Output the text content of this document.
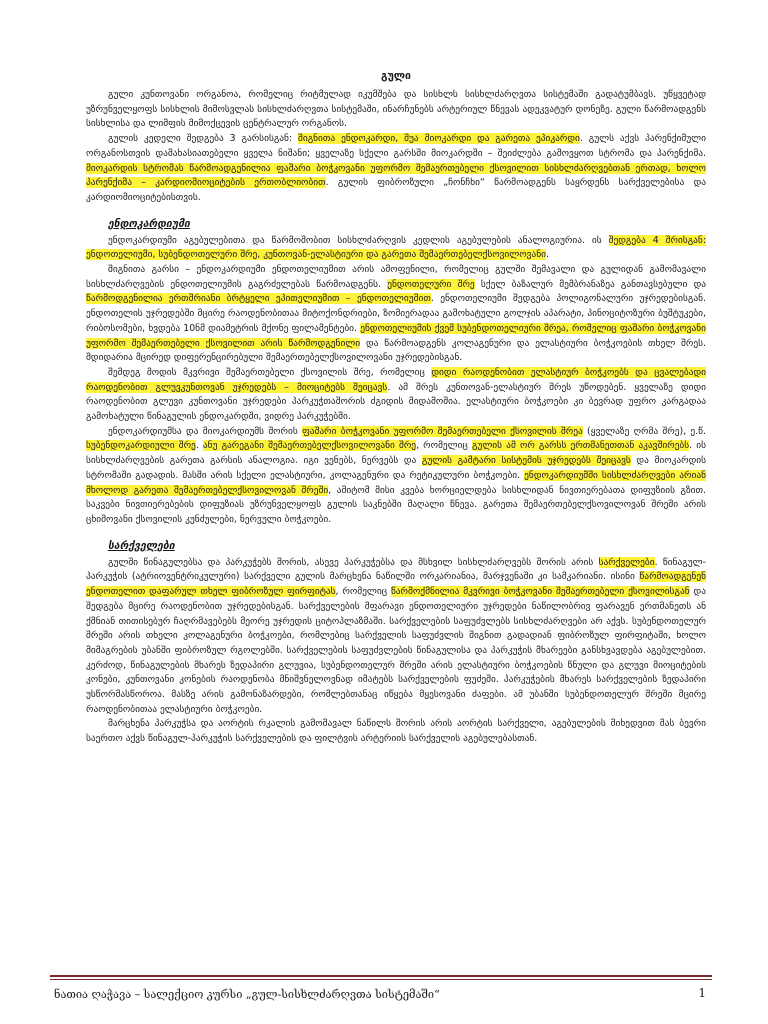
გული

გული კუნთოვანი ორგანოა, რომელიც რიტმულად იკუმშება და სისხლს სისხლძარღვთა სისტემაში გადატუმბავს. უწყვეტად უზრუნველყოფს სისხლის მიმოსვლას სისხლძარღვთა სისტემაში, ინარჩუნებს არტერიულ წნევას ადეკვატურ დონეზე. გული წარმოადგენს სისხლისა და ლიმფის მიმოქცევის ცენტრალურ ორგანოს.

გულის კედელი შედგება 3 გარსისგან: შიგნითა ენდოკარდი, შუა მიოკარდი და გარეთა ეპიკარდი. გულს აქვს პარენქიმული ორგანოსთვის დამახასიათებელი ყველა ნიშანი; ყველაზე სქელი გარსში მიოკარდში – შეიძლება გამოვყოთ სტრომა და პარენქიმა. მიოკარდის სტრომას წარმოადგენილია ფაშარი ბოჭკოვანი უფორმო შემაერთებელი ქსოვილით სისხლძარღვებთან ერთად, ხოლო პარენქიმა – კარდიომიოციტების ერთობლიობით. გულის ფიბროზული „ჩონჩხი“ წარმოადგენს საყრდენს სარქველებისა და კარდიომიოციტებისთვის.

ენდოკარდიუმი

ენდოკარდიუმი აგებულებითა და წარმოშობით სისხლძარღვის კედლის აგებულების ანალოგიურია. ის შედგება 4 შრისგან: ენდოთელიუმი, სუბენდოთელური შრე, კუნთოვან-ელასტიური და გარეთა შემაერთებელქსოვილოვანი.

შიგნითა გარსი – ენდოკარდიუმი ენდოთელიუმით არის ამოფენილი, რომელიც გულში შემავალი და გულიდან გამომავალი სისხლძარღვების ენდოთელიუმის გაგრძელებას წარმოადგენს. ენდოთელური შრე სქელ ბაზალურ მემბრანაზეა განთავსებული და წარმოდგენილია ერთშრიანი ბრტყელი ეპითელიუმით – ენდოთელიუმით. ენდოთელიუმი შედგება პოლიგონალური უჯრედებისგან. ენდოთელის უჯრედებში მცირე რაოდენობითაა მიტოქონდრიები, ზომიერადაა გამოხატული გოლჯის აპარატი, პინოციტოზური ბუშტუკები, რიბოსომები, ხვდება 10ნმ დიამეტრის მქონე ფილამენტები. ენდოთელიუმის ქვეშ სუბენდოთელიური შრეა, რომელიც ფაშარი ბოჭკოვანი უფორმო შემაერთებელი ქსოვილით არის წარმოდგენილი და წარმოადგენს კოლაგენური და ელასტიური ბოჭკოების თხელ შრეს. მდიდარია მცირედ დიფერენცირებული შემაერთებელქსოვილოვანი უჯრედებისგან.

შემდეგ მოდის მკვრივი შემაერთებელი ქსოვილის შრე, რომელიც დიდი რაოდენობით ელასტიურ ბოჭკოებს და ცვალებადი რაოდენობით გლუვკუნთოვან უჯრედებს – მიოციტებს შეიცავს. ამ შრეს კუნთოვან-ელასტიურ შრეს უწოდებენ. ყველაზე დიდი რაოდენობით გლუვი კუნთოვანი უჯრედები პარკუჭთაშორის ძგიდის მიდამოშია. ელასტიური ბოჭკოები კი ბევრად უფრო კარგადაა გამოხატული წინაგულის ენდოკარდში, ვიდრე პარკუჭებში.

ენდოკარდიუმსა და მიოკარდიუმს შორის ფაშარი ბოჭკოვანი უფორმო შემაერთებელი ქსოვილის შრეა (ყველაზე ღრმა შრე), ე.წ. სუბენდოკარდიული შრე. ანუ გარეგანი შემაერთებელქსოვილოვანი შრე, რომელიც გულის ამ ორ გარსს ერთმანეთთან აკავშირებს. ის სისხლძარღვების გარეთა გარსის ანალოგია. იგი ვენებს, ნერვებს და გულის გამტარი სისტემის უჯრედებს შეიცავს და მიოკარდის სტრომაში გადადის. მასში არის სქელი ელასტიური, კოლაგენური და რეტიკულური ბოჭკოები. ენდოკარდიუმში სისხლძარღვები არიან მხოლოდ გარეთა შემაერთებელქსოვილოვან შრეში, ამიტომ მისი კვება ხორციელდება სისხლიდან ნივთიერებათა დიფუზიის გზით. საკვები ნივთიერებების დიფუზიას უზრუნველყოფს გულის საკნებში მაღალი წნევა. გარეთა შემაერთებელქსოვილოვან შრეში არის ცხიმოვანი ქსოვილის კუნძულები, ნერვული ბოჭკოები.

სარქველები

გულში წინაგულებსა და პარკუჭებს შორის, ასევე პარკუჭებსა და მსხვილ სისხლძარღვებს შორის არის სარქველები. წინაგულ-პარკუჭის (ატრიოვენტრიკულური) სარქველი გულის მარცხენა ნაწილში ორკარიანია, მარჯვენაში კი სამკარიანი. ისინი წარმოადგენენ ენდოთელით დაფარულ თხელ ფიბროზულ ფირფიტას, რომელიც წარმოქმნილია მკვრივი ბოჭკოვანი შემაერთებელი ქსოვილისგან და შედგება მცირე რაოდენობით უჯრედებისგან. სარქველების მფარავი ენდოთელიური უჯრედები ნაწილობრივ ფარავენ ერთმანეთს ან ქმნიან თითისებურ ჩაღრმავებებს მეორე უჯრედის ციტოპლაზმაში. სარქველების საფუძვლებს სისხლძარღვები არ აქვს. სუბენდოთელურ შრეში არის თხელი კოლაგენური ბოჭკოები, რომლებიც სარქველის საფუძვლის შიგნით გადადიან ფიბროზულ ფირფიტაში, ხოლო მიმაგრების უბანში ფიბროზულ რგოლებში. სარქველების საფუძვლების წინაგულისა და პარკუჭის მხარეები განსხვავდება აგებულებით. კერძოდ, წინაგულების მხარეს ზედაპირი გლუვია, სუბენდოთელურ შრეში არის ელასტიური ბოჭკოების წნული და გლუვი მიოციტების კონები, კუნთოვანი კონების რაოდენობა მნიშვნელოვნად იმატებს სარქველების ფუძეში. პარკუჭების მხარეს სარქველების ზედაპირი უსწორმასწოროა. მასზე არის გამონაზარდები, რომლებთანაც იწყება მყესოვანი ძაფები. ამ უბანში სუბენდოთელურ შრეში მცირე რაოდენობითაა ელასტიური ბოჭკოები.

მარცხენა პარკუჭსა და აორტის რკალის გამომავალ ნაწილს შორის არის აორტის სარქველი, აგებულების მიხედვით მას ბევრი საერთო აქვს წინაგულ-პარკუჭის სარქველების და ფილტვის არტერიის სარქველის აგებულებასთან.

ნათია ღაჭავა – სალექციო კურსი „გულ-სისხლძარღვთა სისტემაში“	1
